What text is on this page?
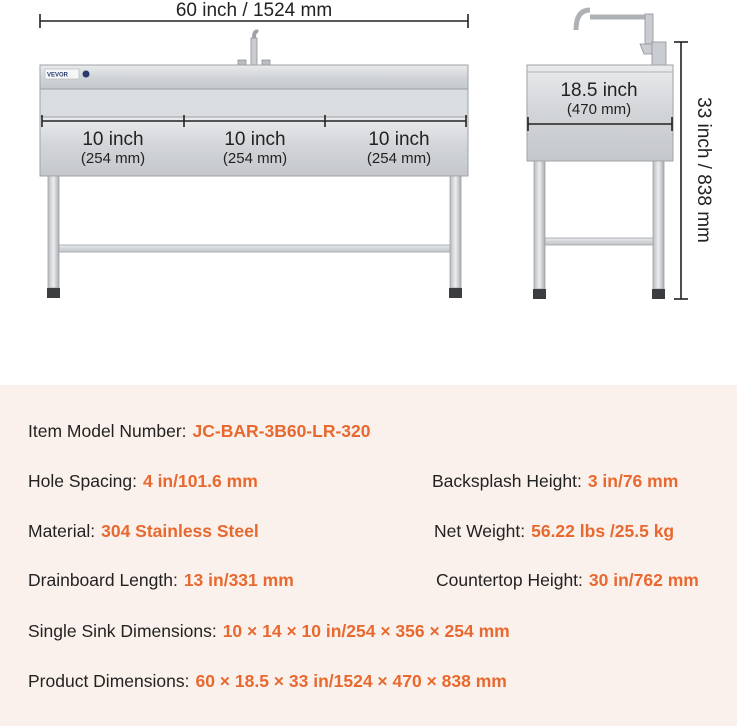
VEVOR
33 inch / 838 mm
60 inch / 1524 mm
10 inch
(254 mm)
10 inch
(254 mm)
10 inch
(254 mm)
18.5 inch
(470 mm)
Item Model Number: JC-BAR-3B60-LR-320
Hole Spacing: 4 in/101.6 mm	Backsplash Height: 3 in/76 mm
Material: 304 Stainless Steel	Net Weight: 56.22 lbs /25.5 kg
Drainboard Length: 13 in/331 mm	Countertop Height: 30 in/762 mm
Single Sink Dimensions: 10 × 14 × 10 in/254 × 356 × 254 mm
Product Dimensions: 60 × 18.5 × 33 in/1524 × 470 × 838 mm
